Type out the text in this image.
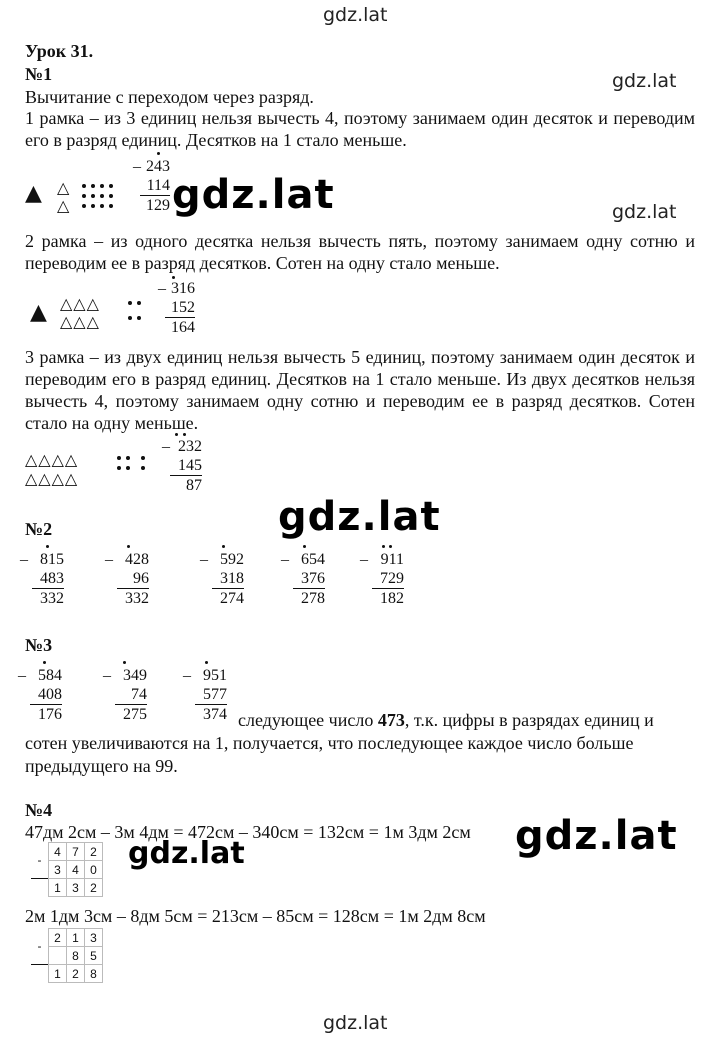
gdz.lat
gdz.lat
gdz.lat
gdz.lat
gdz.lat
gdz.lat
gdz.lat
gdz.lat
Урок 31.
№1
Вычитание с переходом через разряд.
1 рамка – из 3 единиц нельзя вычесть 4, поэтому занимаем один десяток и переводим его в разряд единиц. Десятков на 1 стало меньше.
▲ △
△
_ 243
114
129
2 рамка – из одного десятка нельзя вычесть пять, поэтому занимаем одну сотню и переводим ее в разряд десятков. Сотен на одну стало меньше.
▲ △△△
△△△
_ 316
152
164
3 рамка – из двух единиц нельзя вычесть 5 единиц, поэтому занимаем один десяток и переводим его в разряд единиц. Десятков на 1 стало меньше. Из двух десятков нельзя вычесть 4, поэтому занимаем одну сотню и переводим ее в разряд десятков. Сотен стало на одну меньше.
△△△△
△△△△
_ 232
145
87
№2
_ 815
483
332
_ 428
96
332
_ 592
318
274
_ 654
376
278
_ 911
729
182
№3
_ 584
408
176
_ 349
74
275
_ 951
577
374 следующее число 473, т.к. цифры в разрядах единиц и
сотен увеличиваются на 1, получается, что последующее каждое число больше
предыдущего на 99.
№4
47дм 2см – 3м 4дм = 472см – 340см = 132см = 1м 3дм 2см
-	4	7	2
	3	4	0
	1	3	2
2м 1дм 3см – 8дм 5см = 213см – 85см = 128см = 1м 2дм 8см
-	2	1	3
		8	5
	1	2	8
